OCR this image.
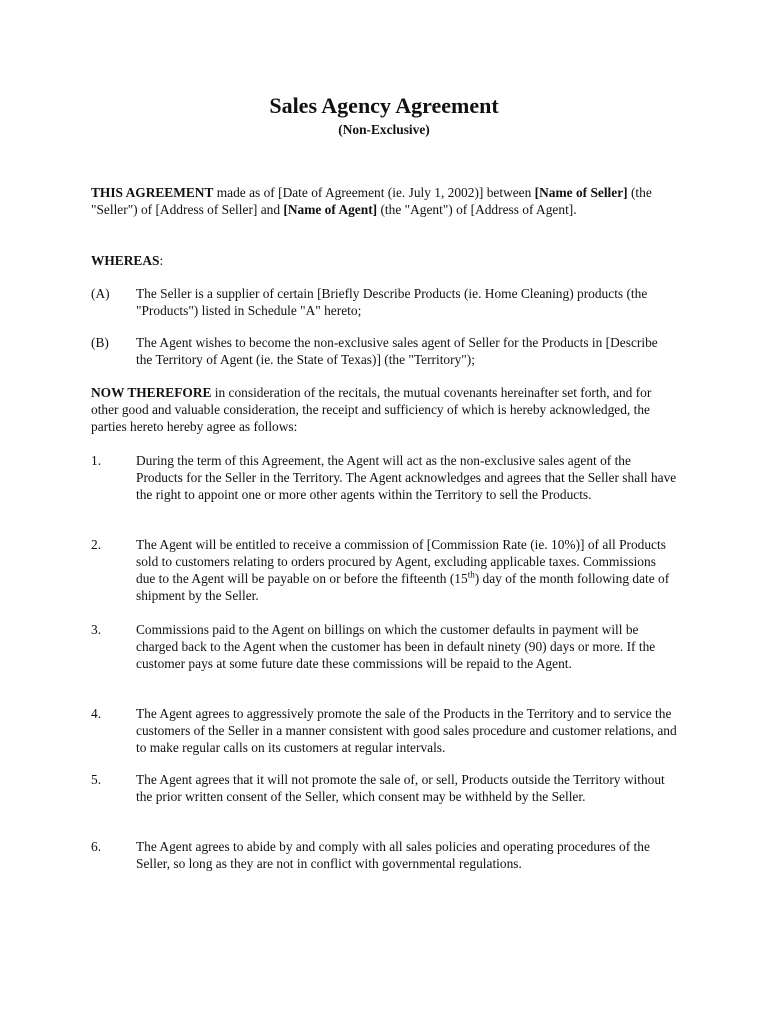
Sales Agency Agreement
(Non-Exclusive)

THIS AGREEMENT made as of [Date of Agreement (ie. July 1, 2002)] between [Name of Seller] (the "Seller") of [Address of Seller] and [Name of Agent] (the "Agent") of [Address of Agent].

WHEREAS:

(A) The Seller is a supplier of certain [Briefly Describe Products (ie. Home Cleaning) products (the "Products") listed in Schedule "A" hereto;
(B) The Agent wishes to become the non-exclusive sales agent of Seller for the Products in [Describe the Territory of Agent (ie. the State of Texas)] (the "Territory");

NOW THEREFORE in consideration of the recitals, the mutual covenants hereinafter set forth, and for other good and valuable consideration, the receipt and sufficiency of which is hereby acknowledged, the parties hereto hereby agree as follows:

1.	During the term of this Agreement, the Agent will act as the non-exclusive sales agent of the Products for the Seller in the Territory. The Agent acknowledges and agrees that the Seller shall have the right to appoint one or more other agents within the Territory to sell the Products.
2.	The Agent will be entitled to receive a commission of [Commission Rate (ie. 10%)] of all Products sold to customers relating to orders procured by Agent, excluding applicable taxes. Commissions due to the Agent will be payable on or before the fifteenth (15th) day of the month following date of shipment by the Seller.
3.	Commissions paid to the Agent on billings on which the customer defaults in payment will be charged back to the Agent when the customer has been in default ninety (90) days or more. If the customer pays at some future date these commissions will be repaid to the Agent.
4.	The Agent agrees to aggressively promote the sale of the Products in the Territory and to service the customers of the Seller in a manner consistent with good sales procedure and customer relations, and to make regular calls on its customers at regular intervals.
5.	The Agent agrees that it will not promote the sale of, or sell, Products outside the Territory without the prior written consent of the Seller, which consent may be withheld by the Seller.
6.	The Agent agrees to abide by and comply with all sales policies and operating procedures of the Seller, so long as they are not in conflict with governmental regulations.
